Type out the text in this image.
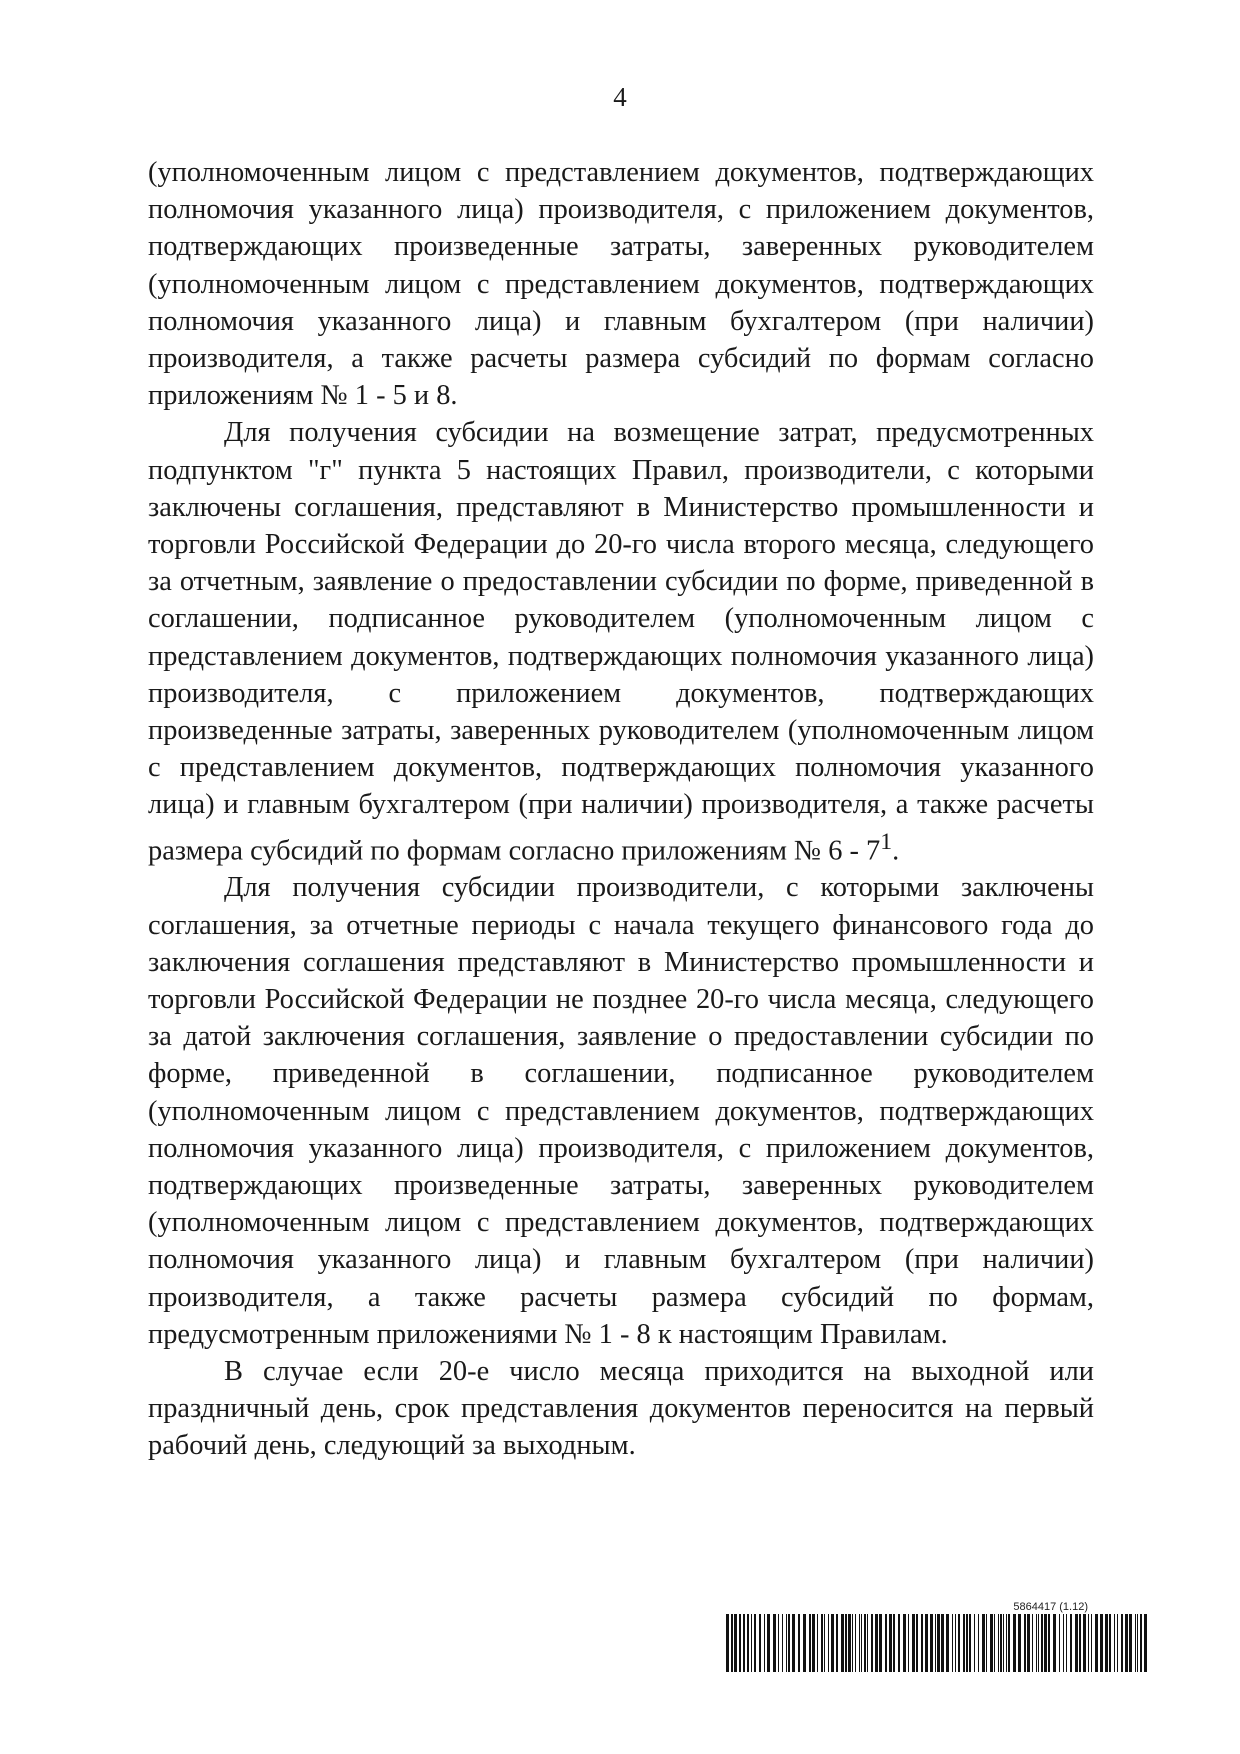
4

(уполномоченным лицом с представлением документов, подтверждающих полномочия указанного лица) производителя, с приложением документов, подтверждающих произведенные затраты, заверенных руководителем (уполномоченным лицом с представлением документов, подтверждающих полномочия указанного лица) и главным бухгалтером (при наличии) производителя, а также расчеты размера субсидий по формам согласно приложениям № 1 - 5 и 8.

Для получения субсидии на возмещение затрат, предусмотренных подпунктом "г" пункта 5 настоящих Правил, производители, с которыми заключены соглашения, представляют в Министерство промышленности и торговли Российской Федерации до 20-го числа второго месяца, следующего за отчетным, заявление о предоставлении субсидии по форме, приведенной в соглашении, подписанное руководителем (уполномоченным лицом с представлением документов, подтверждающих полномочия указанного лица) производителя, с приложением документов, подтверждающих произведенные затраты, заверенных руководителем (уполномоченным лицом с представлением документов, подтверждающих полномочия указанного лица) и главным бухгалтером (при наличии) производителя, а также расчеты размера субсидий по формам согласно приложениям № $6 - 7^1$.

Для получения субсидии производители, с которыми заключены соглашения, за отчетные периоды с начала текущего финансового года до заключения соглашения представляют в Министерство промышленности и торговли Российской Федерации не позднее 20-го числа месяца, следующего за датой заключения соглашения, заявление о предоставлении субсидии по форме, приведенной в соглашении, подписанное руководителем (уполномоченным лицом с представлением документов, подтверждающих полномочия указанного лица) производителя, с приложением документов, подтверждающих произведенные затраты, заверенных руководителем (уполномоченным лицом с представлением документов, подтверждающих полномочия указанного лица) и главным бухгалтером (при наличии) производителя, а также расчеты размера субсидий по формам, предусмотренным приложениями № 1 - 8 к настоящим Правилам.

В случае если 20-е число месяца приходится на выходной или праздничный день, срок представления документов переносится на первый рабочий день, следующий за выходным.

5864417 (1.12)
